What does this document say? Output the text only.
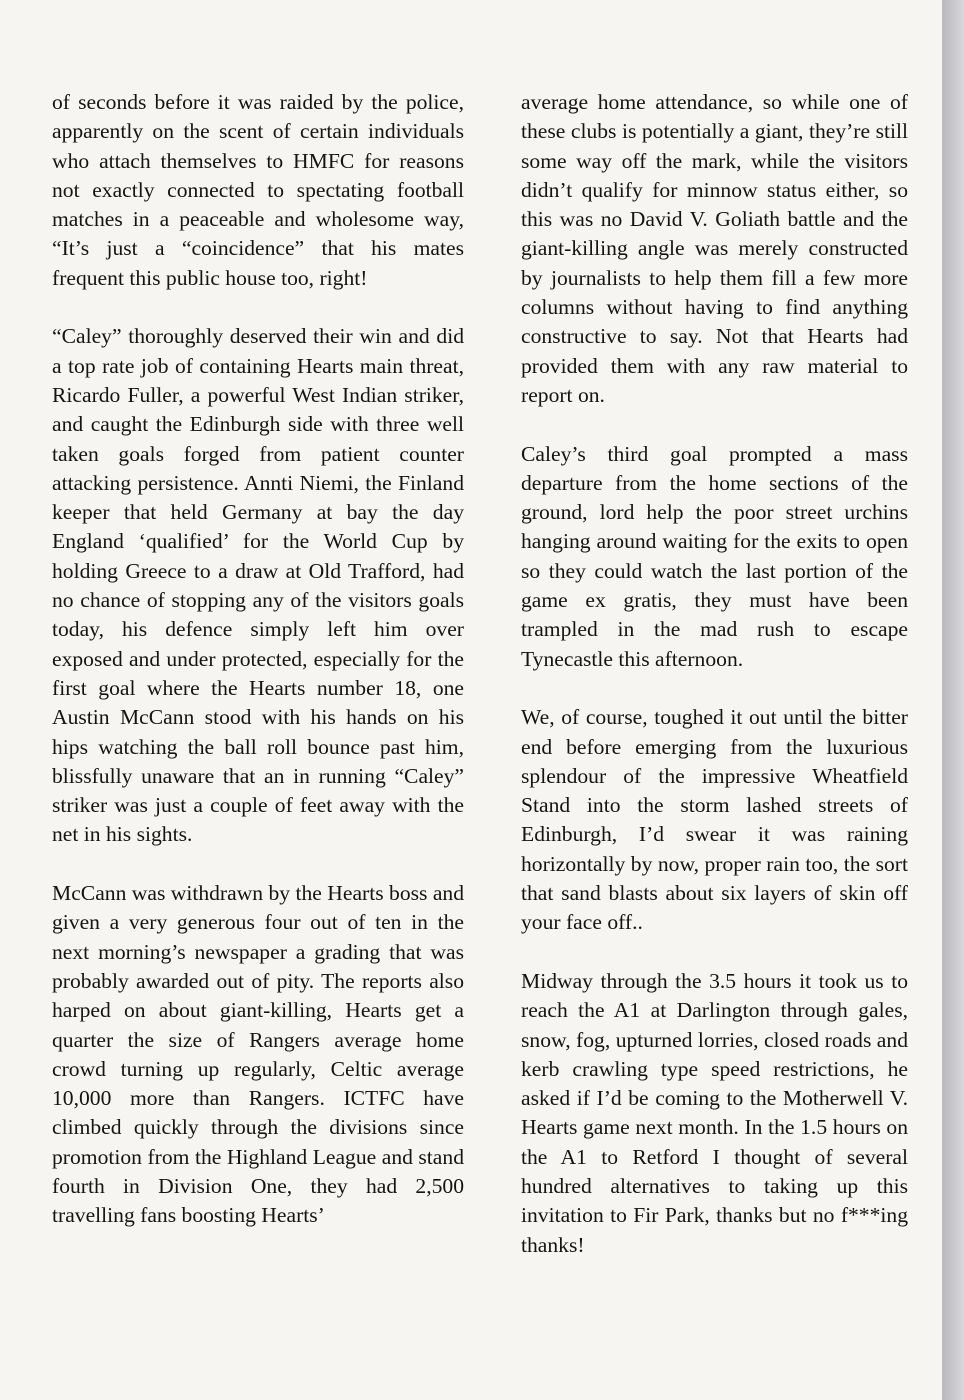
of seconds before it was raided by the police, apparently on the scent of certain individuals who attach themselves to HMFC for reasons not exactly connected to spectating football matches in a peaceable and wholesome way, “It’s just a “coincidence” that his mates frequent this public house too, right!

“Caley” thoroughly deserved their win and did a top rate job of containing Hearts main threat, Ricardo Fuller, a powerful West Indian striker, and caught the Edinburgh side with three well taken goals forged from patient counter attacking persistence. Annti Niemi, the Finland keeper that held Germany at bay the day England ‘qualified’ for the World Cup by holding Greece to a draw at Old Trafford, had no chance of stopping any of the visitors goals today, his defence simply left him over exposed and under protected, especially for the first goal where the Hearts number 18, one Austin McCann stood with his hands on his hips watching the ball roll bounce past him, blissfully unaware that an in running “Caley” striker was just a couple of feet away with the net in his sights.

McCann was withdrawn by the Hearts boss and given a very generous four out of ten in the next morning’s newspaper a grading that was probably awarded out of pity. The reports also harped on about giant-killing, Hearts get a quarter the size of Rangers average home crowd turning up regularly, Celtic average 10,000 more than Rangers. ICTFC have climbed quickly through the divisions since promotion from the Highland League and stand fourth in Division One, they had 2,500 travelling fans boosting Hearts’

average home attendance, so while one of these clubs is potentially a giant, they’re still some way off the mark, while the visitors didn’t qualify for minnow status either, so this was no David V. Goliath battle and the giant-killing angle was merely constructed by journalists to help them fill a few more columns without having to find anything constructive to say. Not that Hearts had provided them with any raw material to report on.

Caley’s third goal prompted a mass departure from the home sections of the ground, lord help the poor street urchins hanging around waiting for the exits to open so they could watch the last portion of the game ex gratis, they must have been trampled in the mad rush to escape Tynecastle this afternoon.

We, of course, toughed it out until the bitter end before emerging from the luxurious splendour of the impressive Wheatfield Stand into the storm lashed streets of Edinburgh, I’d swear it was raining horizontally by now, proper rain too, the sort that sand blasts about six layers of skin off your face off..

Midway through the 3.5 hours it took us to reach the A1 at Darlington through gales, snow, fog, upturned lorries, closed roads and kerb crawling type speed restrictions, he asked if I’d be coming to the Motherwell V. Hearts game next month. In the 1.5 hours on the A1 to Retford I thought of several hundred alternatives to taking up this invitation to Fir Park, thanks but no f***ing thanks!
